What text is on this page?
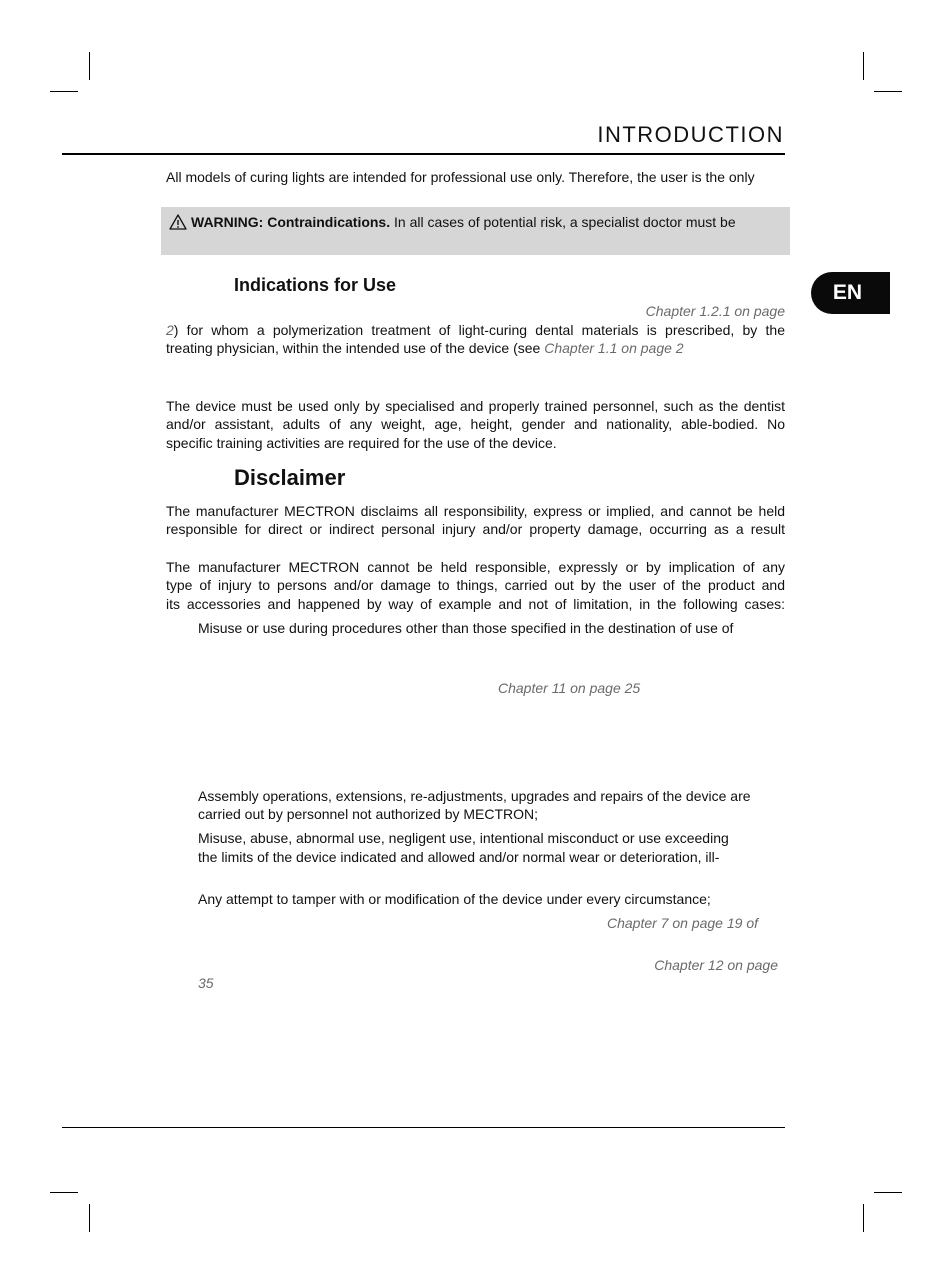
INTRODUCTION
EN
All models of curing lights are intended for professional use only. Therefore, the user is the only
WARNING: Contraindications. In all cases of potential risk, a specialist doctor must be
Indications for Use
Chapter 1.2.1 on page
2) for whom a polymerization treatment of light-curing dental materials is prescribed, by the
treating physician, within the intended use of the device (see Chapter 1.1 on page 2
The device must be used only by specialised and properly trained personnel, such as the dentist
and/or assistant, adults of any weight, age, height, gender and nationality, able-bodied. No
specific training activities are required for the use of the device.
Disclaimer
The manufacturer MECTRON disclaims all responsibility, express or implied, and cannot be held
responsible for direct or indirect personal injury and/or property damage, occurring as a result
The manufacturer MECTRON cannot be held responsible, expressly or by implication of any
type of injury to persons and/or damage to things, carried out by the user of the product and
its accessories and happened by way of example and not of limitation, in the following cases:
Misuse or use during procedures other than those specified in the destination of use of
Chapter 11 on page 25
Assembly operations, extensions, re-adjustments, upgrades and repairs of the device are
carried out by personnel not authorized by MECTRON;
Misuse, abuse, abnormal use, negligent use, intentional misconduct or use exceeding
the limits of the device indicated and allowed and/or normal wear or deterioration, ill-
Any attempt to tamper with or modification of the device under every circumstance;
Chapter 7 on page 19 of
Chapter 12 on page
35
